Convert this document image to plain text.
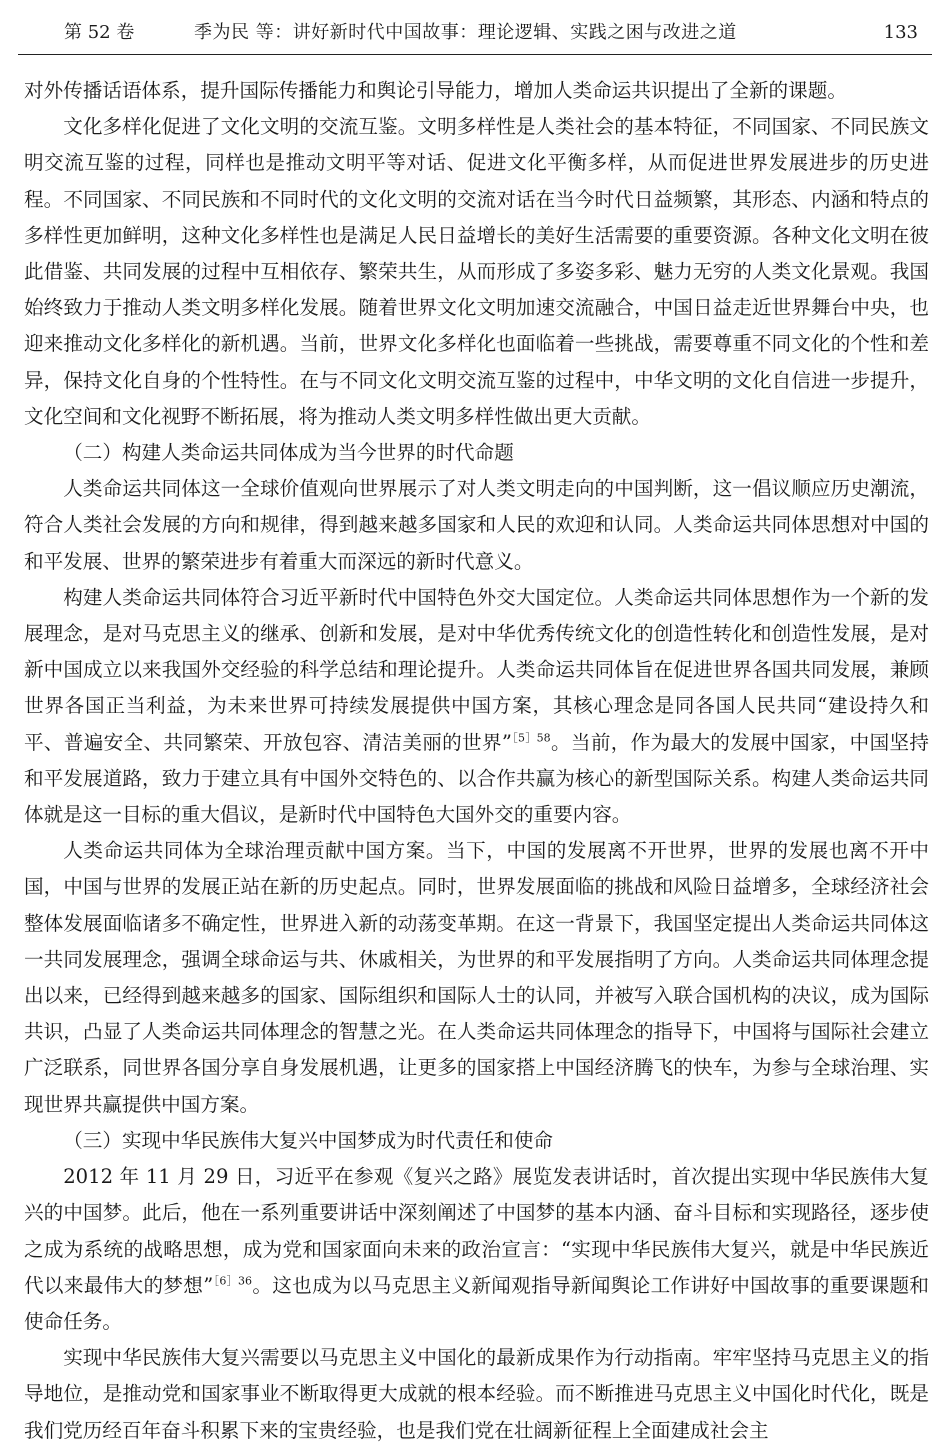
第 52 卷	季为民 等：讲好新时代中国故事：理论逻辑、实践之困与改进之道	133

对外传播话语体系，提升国际传播能力和舆论引导能力，增加人类命运共识提出了全新的课题。

文化多样化促进了文化文明的交流互鉴。文明多样性是人类社会的基本特征，不同国家、不同民族文明交流互鉴的过程，同样也是推动文明平等对话、促进文化平衡多样，从而促进世界发展进步的历史进程。不同国家、不同民族和不同时代的文化文明的交流对话在当今时代日益频繁，其形态、内涵和特点的多样性更加鲜明，这种文化多样性也是满足人民日益增长的美好生活需要的重要资源。各种文化文明在彼此借鉴、共同发展的过程中互相依存、繁荣共生，从而形成了多姿多彩、魅力无穷的人类文化景观。我国始终致力于推动人类文明多样化发展。随着世界文化文明加速交流融合，中国日益走近世界舞台中央，也迎来推动文化多样化的新机遇。当前，世界文化多样化也面临着一些挑战，需要尊重不同文化的个性和差异，保持文化自身的个性特性。在与不同文化文明交流互鉴的过程中，中华文明的文化自信进一步提升，文化空间和文化视野不断拓展，将为推动人类文明多样性做出更大贡献。

（二）构建人类命运共同体成为当今世界的时代命题

人类命运共同体这一全球价值观向世界展示了对人类文明走向的中国判断，这一倡议顺应历史潮流，符合人类社会发展的方向和规律，得到越来越多国家和人民的欢迎和认同。人类命运共同体思想对中国的和平发展、世界的繁荣进步有着重大而深远的新时代意义。

构建人类命运共同体符合习近平新时代中国特色外交大国定位。人类命运共同体思想作为一个新的发展理念，是对马克思主义的继承、创新和发展，是对中华优秀传统文化的创造性转化和创造性发展，是对新中国成立以来我国外交经验的科学总结和理论提升。人类命运共同体旨在促进世界各国共同发展，兼顾世界各国正当利益，为未来世界可持续发展提供中国方案，其核心理念是同各国人民共同“建设持久和平、普遍安全、共同繁荣、开放包容、清洁美丽的世界”$^{[5]58}$。当前，作为最大的发展中国家，中国坚持和平发展道路，致力于建立具有中国外交特色的、以合作共赢为核心的新型国际关系。构建人类命运共同体就是这一目标的重大倡议，是新时代中国特色大国外交的重要内容。

人类命运共同体为全球治理贡献中国方案。当下，中国的发展离不开世界，世界的发展也离不开中国，中国与世界的发展正站在新的历史起点。同时，世界发展面临的挑战和风险日益增多，全球经济社会整体发展面临诸多不确定性，世界进入新的动荡变革期。在这一背景下，我国坚定提出人类命运共同体这一共同发展理念，强调全球命运与共、休戚相关，为世界的和平发展指明了方向。人类命运共同体理念提出以来，已经得到越来越多的国家、国际组织和国际人士的认同，并被写入联合国机构的决议，成为国际共识，凸显了人类命运共同体理念的智慧之光。在人类命运共同体理念的指导下，中国将与国际社会建立广泛联系，同世界各国分享自身发展机遇，让更多的国家搭上中国经济腾飞的快车，为参与全球治理、实现世界共赢提供中国方案。

（三）实现中华民族伟大复兴中国梦成为时代责任和使命

2012 年 11 月 29 日，习近平在参观《复兴之路》展览发表讲话时，首次提出实现中华民族伟大复兴的中国梦。此后，他在一系列重要讲话中深刻阐述了中国梦的基本内涵、奋斗目标和实现路径，逐步使之成为系统的战略思想，成为党和国家面向未来的政治宣言：“实现中华民族伟大复兴，就是中华民族近代以来最伟大的梦想”$^{[6]36}$。这也成为以马克思主义新闻观指导新闻舆论工作讲好中国故事的重要课题和使命任务。

实现中华民族伟大复兴需要以马克思主义中国化的最新成果作为行动指南。牢牢坚持马克思主义的指导地位，是推动党和国家事业不断取得更大成就的根本经验。而不断推进马克思主义中国化时代化，既是我们党历经百年奋斗积累下来的宝贵经验，也是我们党在壮阔新征程上全面建成社会主
